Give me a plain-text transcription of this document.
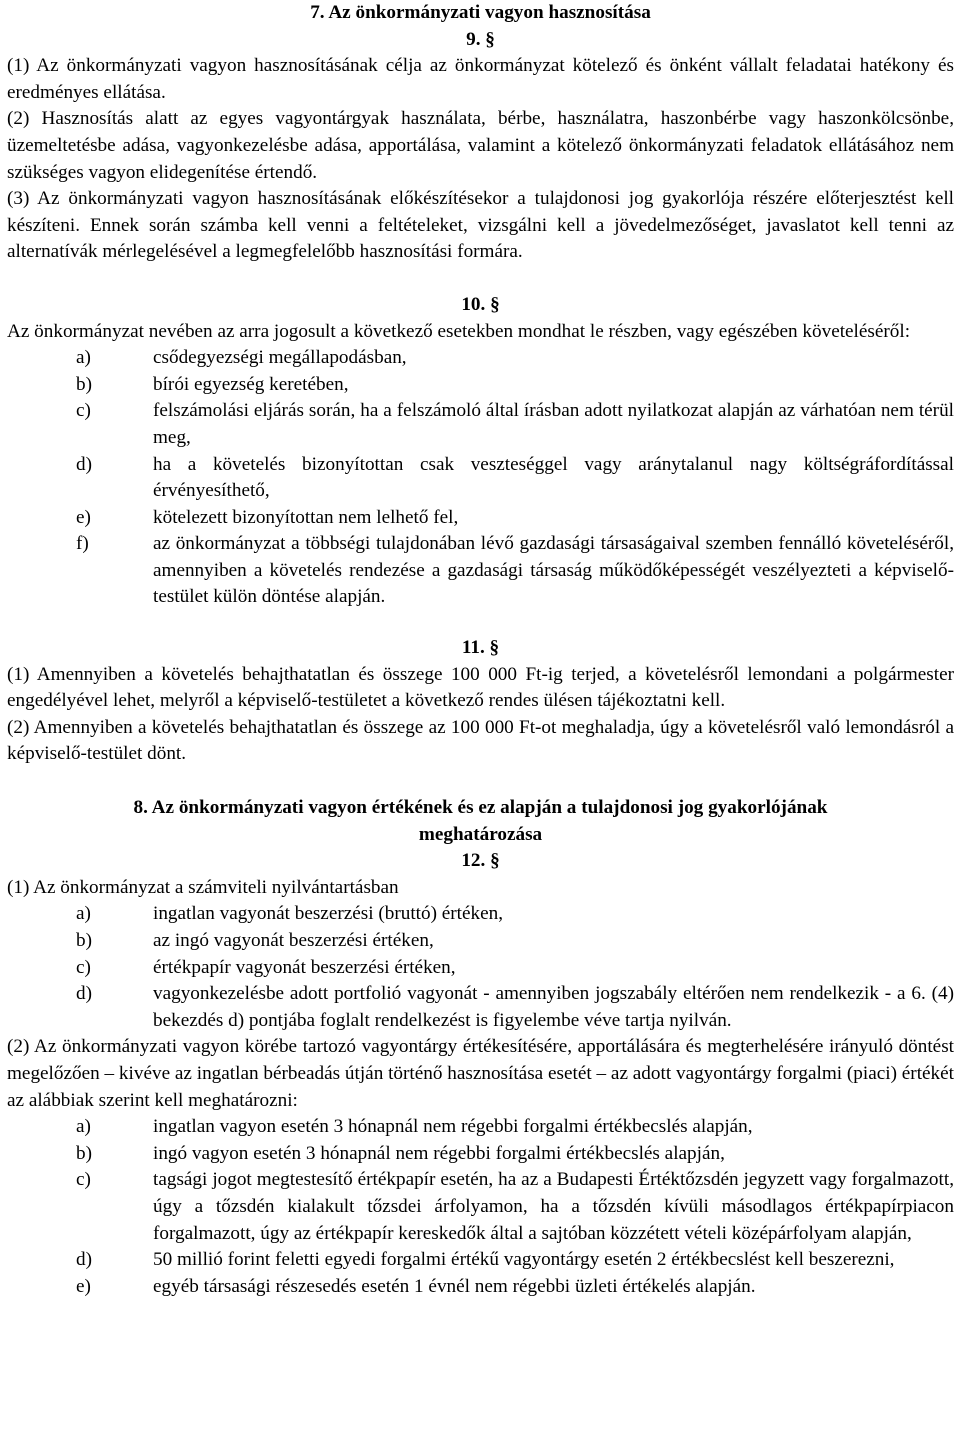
7. Az önkormányzati vagyon hasznosítása
9. §

(1) Az önkormányzati vagyon hasznosításának célja az önkormányzat kötelező és önként vállalt feladatai hatékony és eredményes ellátása.

(2) Hasznosítás alatt az egyes vagyontárgyak használata, bérbe, használatra, haszonbérbe vagy haszonkölcsönbe, üzemeltetésbe adása, vagyonkezelésbe adása, apportálása, valamint a kötelező önkormányzati feladatok ellátásához nem szükséges vagyon elidegenítése értendő.

(3) Az önkormányzati vagyon hasznosításának előkészítésekor a tulajdonosi jog gyakorlója részére előterjesztést kell készíteni. Ennek során számba kell venni a feltételeket, vizsgálni kell a jövedelmezőséget, javaslatot kell tenni az alternatívák mérlegelésével a legmegfelelőbb hasznosítási formára.

10. §

Az önkormányzat nevében az arra jogosult a következő esetekben mondhat le részben, vagy egészében követeléséről:

a)	csődegyezségi megállapodásban,
b)	bírói egyezség keretében,
c)	felszámolási eljárás során, ha a felszámoló által írásban adott nyilatkozat alapján az várhatóan nem térül meg,
d)	ha a követelés bizonyítottan csak veszteséggel vagy aránytalanul nagy költségráfordítással érvényesíthető,
e)	kötelezett bizonyítottan nem lelhető fel,
f)	az önkormányzat a többségi tulajdonában lévő gazdasági társaságaival szemben fennálló követeléséről, amennyiben a követelés rendezése a gazdasági társaság működőképességét veszélyezteti a képviselő-testület külön döntése alapján.
11. §

(1) Amennyiben a követelés behajthatatlan és összege 100 000 Ft-ig terjed, a követelésről lemondani a polgármester engedélyével lehet, melyről a képviselő-testületet a következő rendes ülésen tájékoztatni kell.

(2) Amennyiben a követelés behajthatatlan és összege az 100 000 Ft-ot meghaladja, úgy a követelésről való lemondásról a képviselő-testület dönt.

8. Az önkormányzati vagyon értékének és ez alapján a tulajdonosi jog gyakorlójának
meghatározása
12. §

(1) Az önkormányzat a számviteli nyilvántartásban

a)	ingatlan vagyonát beszerzési (bruttó) értéken,
b)	az ingó vagyonát beszerzési értéken,
c)	értékpapír vagyonát beszerzési értéken,
d)	vagyonkezelésbe adott portfolió vagyonát - amennyiben jogszabály eltérően nem rendelkezik - a 6. (4) bekezdés d) pontjába foglalt rendelkezést is figyelembe véve tartja nyilván.

(2) Az önkormányzati vagyon körébe tartozó vagyontárgy értékesítésére, apportálására és megterhelésére irányuló döntést megelőzően – kivéve az ingatlan bérbeadás útján történő hasznosítása esetét – az adott vagyontárgy forgalmi (piaci) értékét az alábbiak szerint kell meghatározni:

a)	ingatlan vagyon esetén 3 hónapnál nem régebbi forgalmi értékbecslés alapján,
b)	ingó vagyon esetén 3 hónapnál nem régebbi forgalmi értékbecslés alapján,
c)	tagsági jogot megtestesítő értékpapír esetén, ha az a Budapesti Értéktőzsdén jegyzett vagy forgalmazott, úgy a tőzsdén kialakult tőzsdei árfolyamon, ha a tőzsdén kívüli másodlagos értékpapírpiacon forgalmazott, úgy az értékpapír kereskedők által a sajtóban közzétett vételi középárfolyam alapján,
d)	50 millió forint feletti egyedi forgalmi értékű vagyontárgy esetén 2 értékbecslést kell beszerezni,
e)	egyéb társasági részesedés esetén 1 évnél nem régebbi üzleti értékelés alapján.
